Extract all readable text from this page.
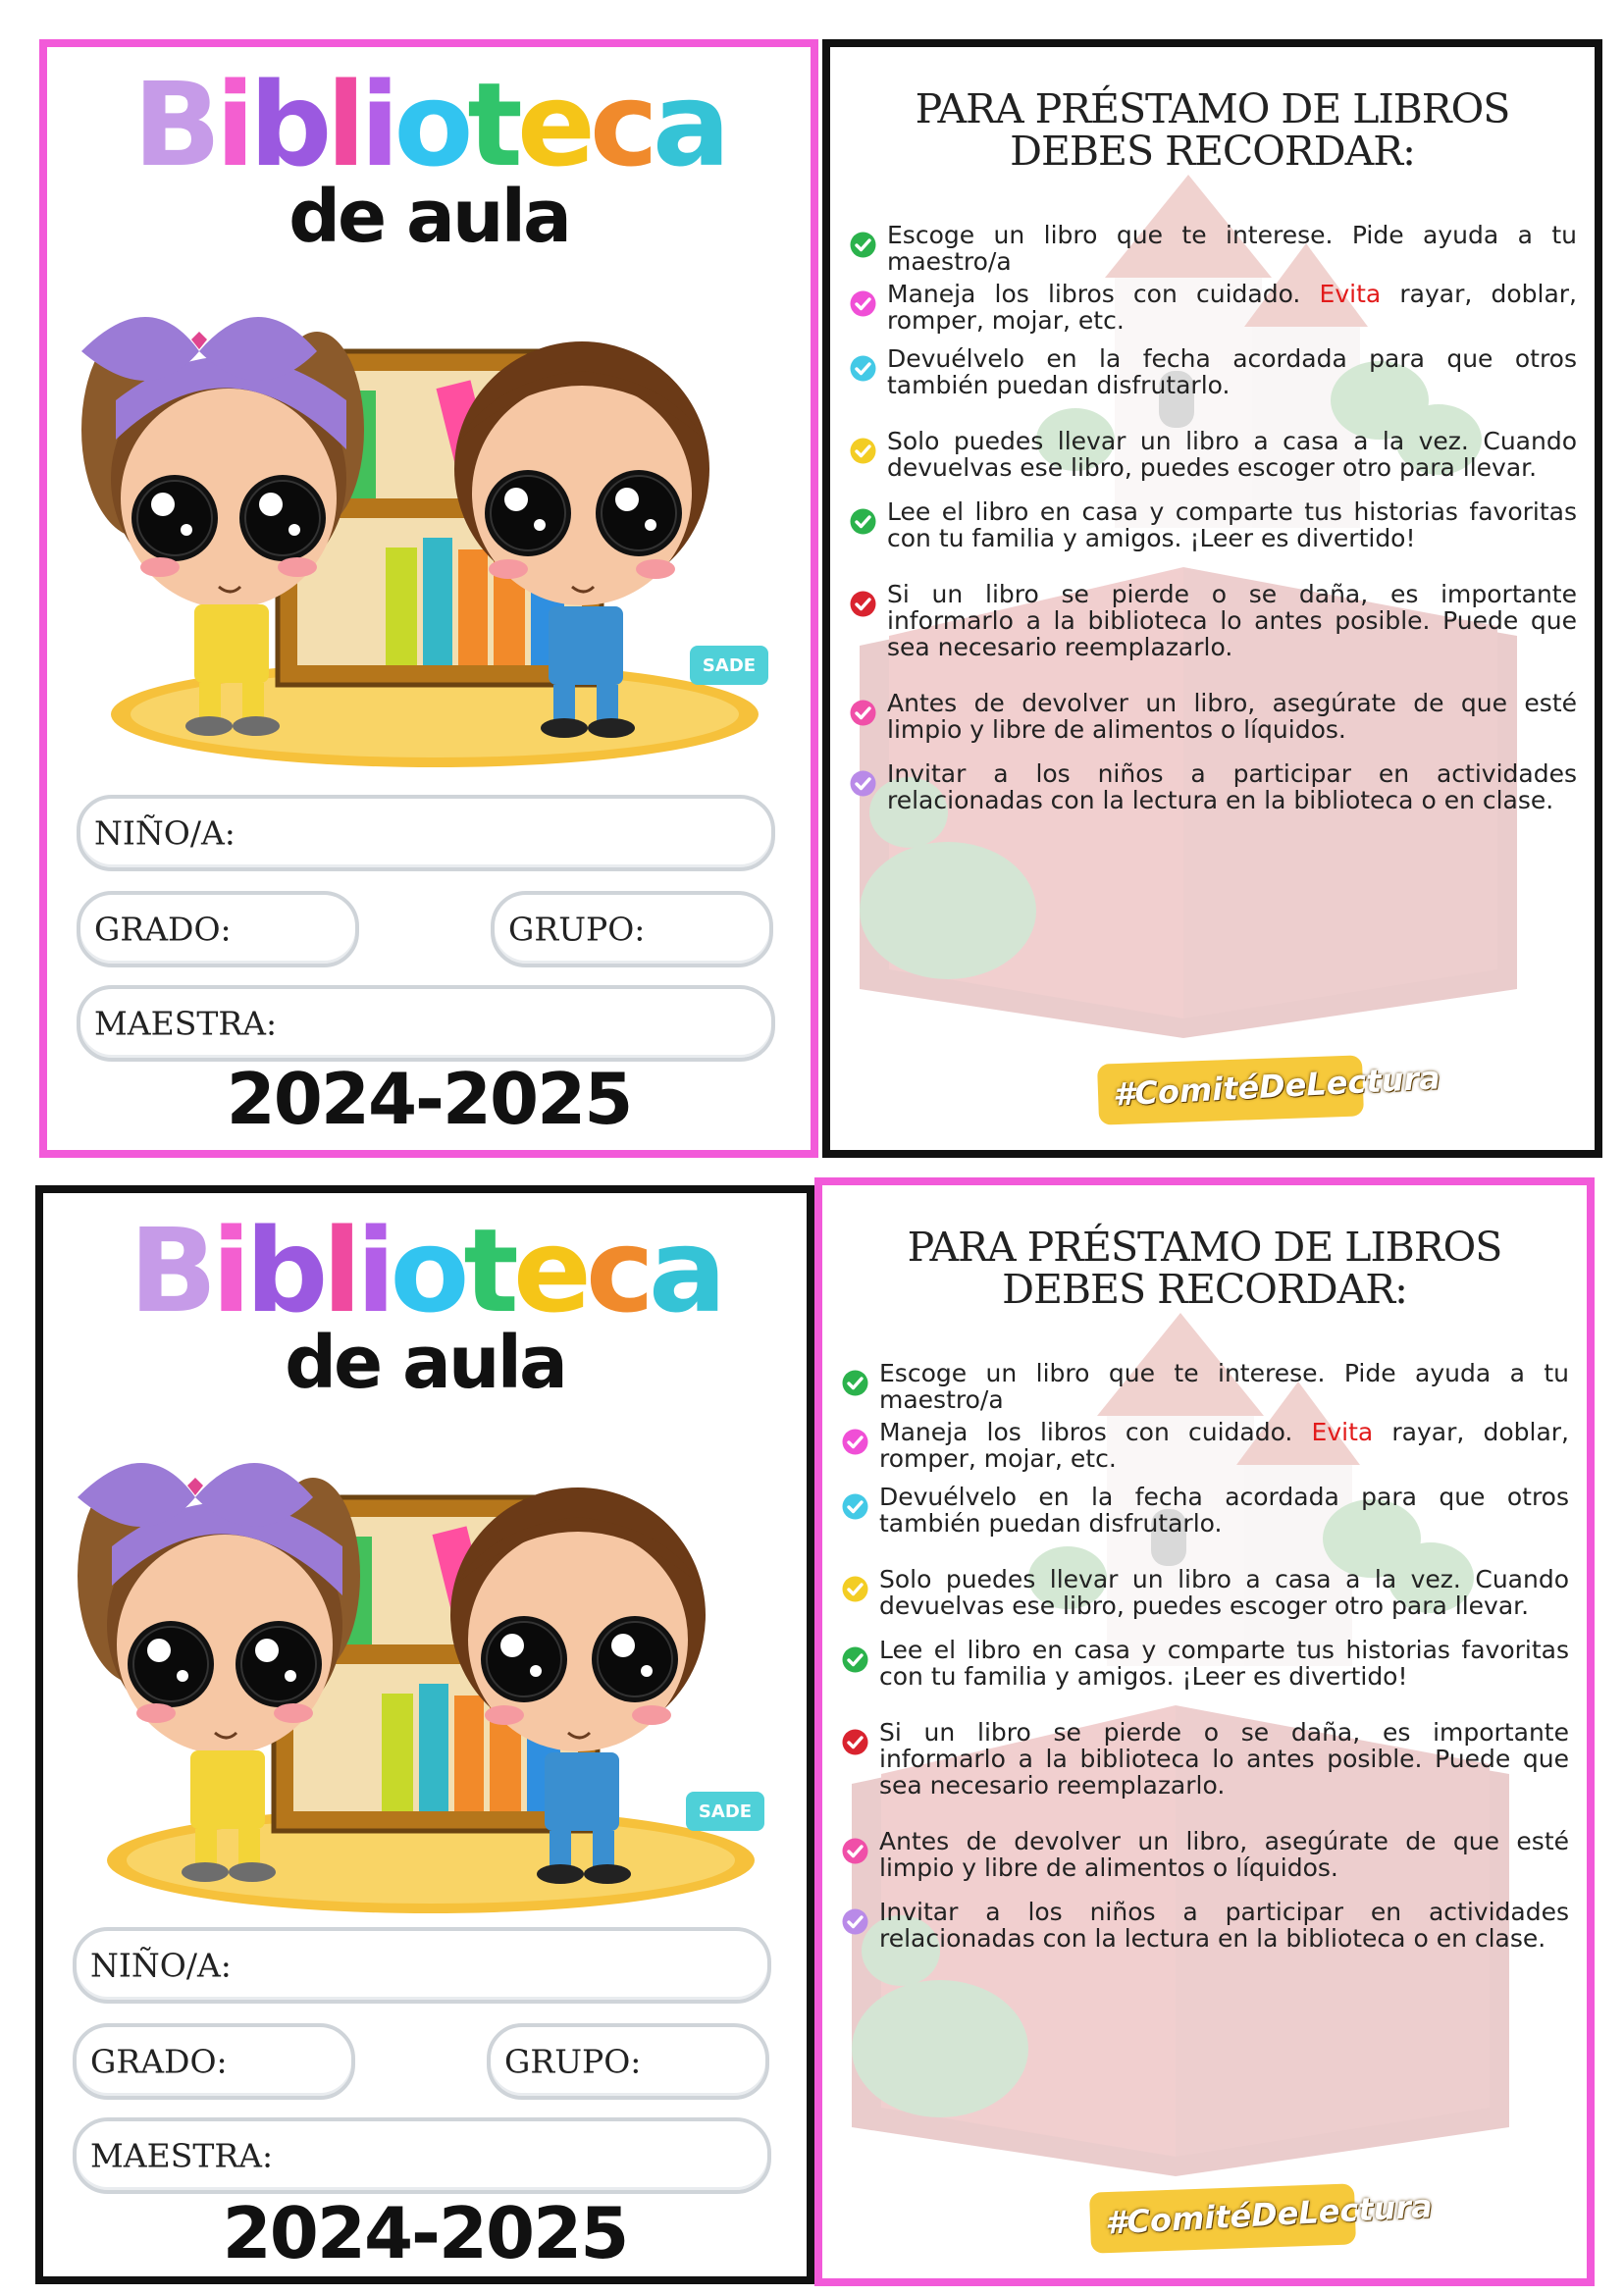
Biblioteca
de aula
SADE
NIÑO/A:
GRADO:	GRUPO:
MAESTRA:
2024-2025
PARA PRÉSTAMO DE LIBROS
DEBES RECORDAR:
Escoge un libro que te interese. Pide ayuda a tu maestro/a
Maneja los libros con cuidado. Evita rayar, doblar, romper, mojar, etc.
Devuélvelo en la fecha acordada para que otros también puedan disfrutarlo.
Solo puedes llevar un libro a casa a la vez. Cuando devuelvas ese libro, puedes escoger otro para llevar.
Lee el libro en casa y comparte tus historias favoritas con tu familia y amigos. ¡Leer es divertido!
Si un libro se pierde o se daña, es importante informarlo a la biblioteca lo antes posible. Puede que sea necesario reemplazarlo.
Antes de devolver un libro, asegúrate de que esté limpio y libre de alimentos o líquidos.
Invitar a los niños a participar en actividades relacionadas con la lectura en la biblioteca o en clase.
#ComitéDeLectura
Biblioteca
de aula
SADE
NIÑO/A:
GRADO:	GRUPO:
MAESTRA:
2024-2025
PARA PRÉSTAMO DE LIBROS
DEBES RECORDAR:
Escoge un libro que te interese. Pide ayuda a tu maestro/a
Maneja los libros con cuidado. Evita rayar, doblar, romper, mojar, etc.
Devuélvelo en la fecha acordada para que otros también puedan disfrutarlo.
Solo puedes llevar un libro a casa a la vez. Cuando devuelvas ese libro, puedes escoger otro para llevar.
Lee el libro en casa y comparte tus historias favoritas con tu familia y amigos. ¡Leer es divertido!
Si un libro se pierde o se daña, es importante informarlo a la biblioteca lo antes posible. Puede que sea necesario reemplazarlo.
Antes de devolver un libro, asegúrate de que esté limpio y libre de alimentos o líquidos.
Invitar a los niños a participar en actividades relacionadas con la lectura en la biblioteca o en clase.
#ComitéDeLectura
